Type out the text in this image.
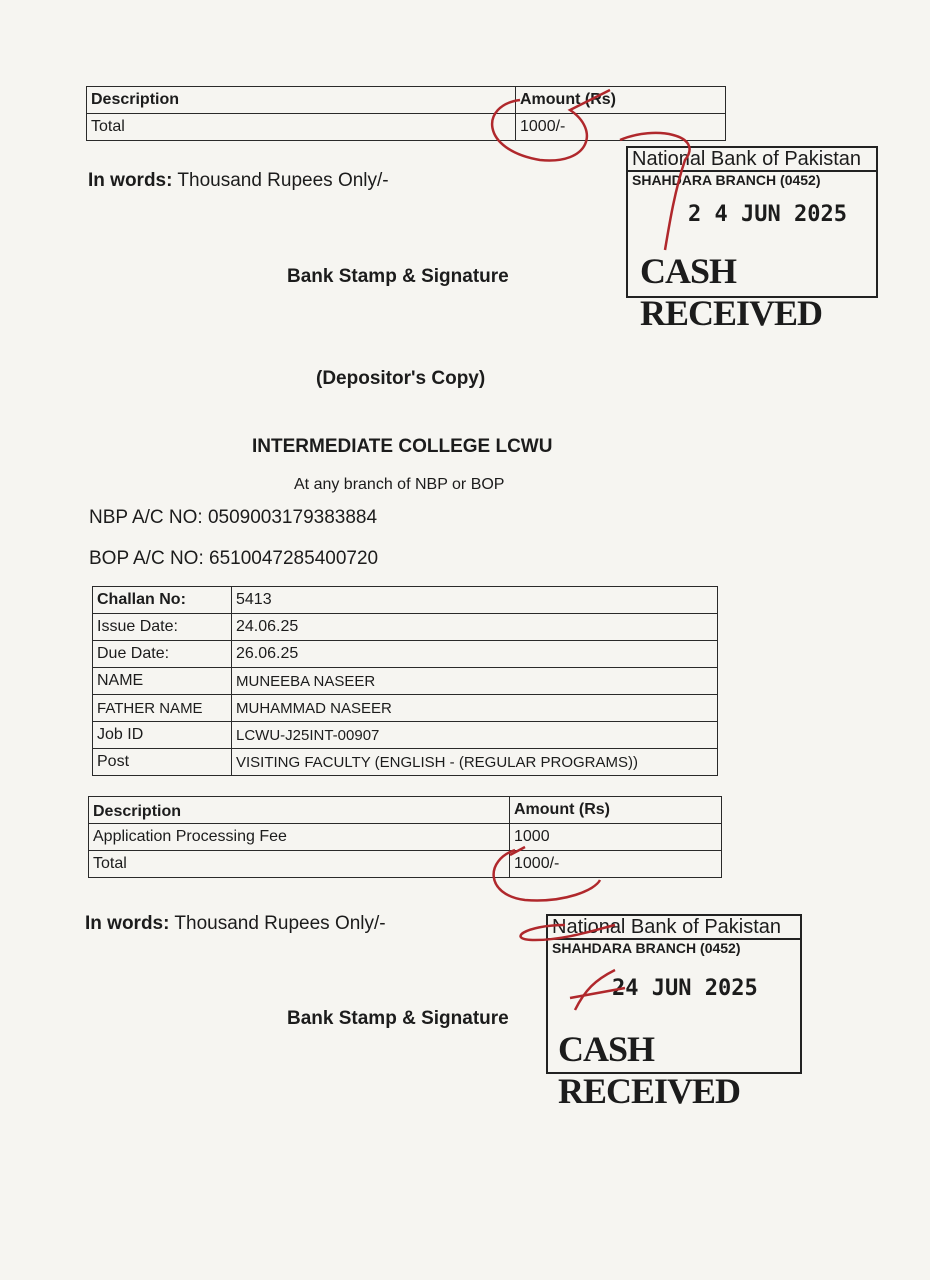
Description	Amount (Rs)
Total	1000/-
In words: Thousand Rupees Only/-
Bank Stamp & Signature
National Bank of Pakistan
SHAHDARA BRANCH (0452)
2 4 JUN 2025
CASH RECEIVED
(Depositor's Copy)
INTERMEDIATE COLLEGE LCWU
At any branch of NBP or BOP
NBP A/C NO: 0509003179383884
BOP A/C NO: 6510047285400720
Challan No:	5413
Issue Date:	24.06.25
Due Date:	26.06.25
NAME	MUNEEBA NASEER
FATHER NAME	MUHAMMAD NASEER
Job ID	LCWU-J25INT-00907
Post	VISITING FACULTY (ENGLISH - (REGULAR PROGRAMS))
Description	Amount (Rs)
Application Processing Fee	1000
Total	1000/-
In words: Thousand Rupees Only/-
Bank Stamp & Signature
National Bank of Pakistan
SHAHDARA BRANCH (0452)
24 JUN 2025
CASH RECEIVED
